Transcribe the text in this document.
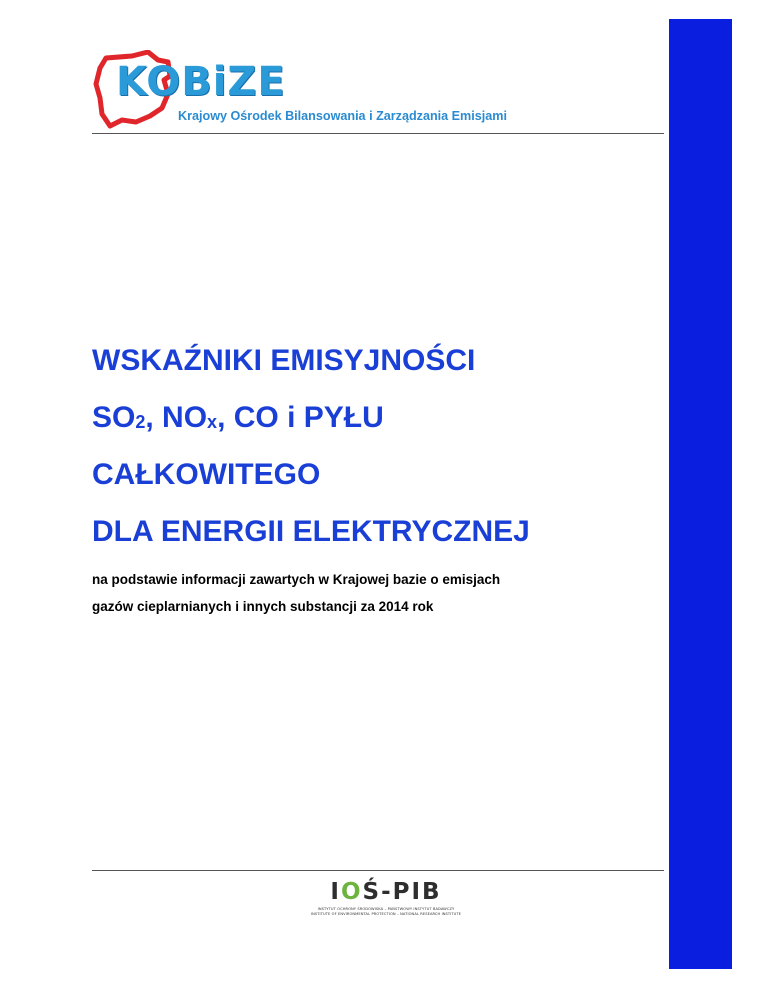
KOBiZE
Krajowy Ośrodek Bilansowania i Zarządzania Emisjami
WSKAŹNIKI EMISYJNOŚCI
$SO_2$, $NO_x$, CO i PYŁU
CAŁKOWITEGO
DLA ENERGII ELEKTRYCZNEJ

na podstawie informacji zawartych w Krajowej bazie o emisjach
gazów cieplarnianych i innych substancji za 2014 rok

IOŚ-PIB
INSTYTUT OCHRONY ŚRODOWISKA – PAŃSTWOWY INSTYTUT BADAWCZY
INSTITUTE OF ENVIRONMENTAL PROTECTION – NATIONAL RESEARCH INSTITUTE
